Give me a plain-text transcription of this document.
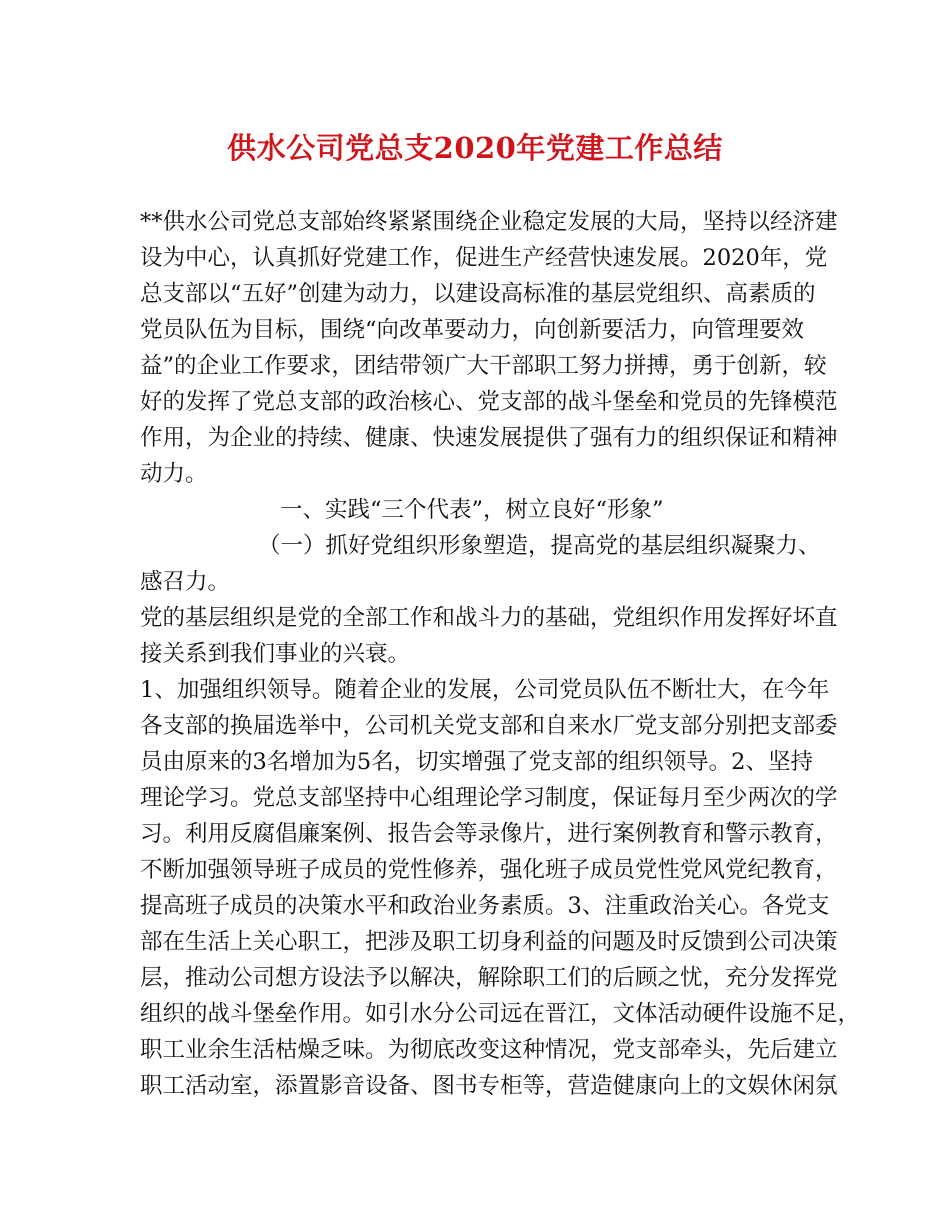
供水公司党总支2020年党建工作总结

**供水公司党总支部始终紧紧围绕企业稳定发展的大局，坚持以经济建

设为中心，认真抓好党建工作，促进生产经营快速发展。2020年，党

总支部以“五好”创建为动力，以建设高标准的基层党组织、高素质的

党员队伍为目标，围绕“向改革要动力，向创新要活力，向管理要效

益”的企业工作要求，团结带领广大干部职工努力拼搏，勇于创新，较

好的发挥了党总支部的政治核心、党支部的战斗堡垒和党员的先锋模范

作用，为企业的持续、健康、快速发展提供了强有力的组织保证和精神

动力。

一、实践“三个代表”，树立良好“形象”

（一）抓好党组织形象塑造，提高党的基层组织凝聚力、

感召力。

党的基层组织是党的全部工作和战斗力的基础，党组织作用发挥好坏直

接关系到我们事业的兴衰。

1、加强组织领导。随着企业的发展，公司党员队伍不断壮大，在今年

各支部的换届选举中，公司机关党支部和自来水厂党支部分别把支部委

员由原来的3名增加为5名，切实增强了党支部的组织领导。2、坚持

理论学习。党总支部坚持中心组理论学习制度，保证每月至少两次的学

习。利用反腐倡廉案例、报告会等录像片，进行案例教育和警示教育，

不断加强领导班子成员的党性修养，强化班子成员党性党风党纪教育，

提高班子成员的决策水平和政治业务素质。3、注重政治关心。各党支

部在生活上关心职工，把涉及职工切身利益的问题及时反馈到公司决策

层，推动公司想方设法予以解决，解除职工们的后顾之忧，充分发挥党

组织的战斗堡垒作用。如引水分公司远在晋江，文体活动硬件设施不足，

职工业余生活枯燥乏味。为彻底改变这种情况，党支部牵头，先后建立

职工活动室，添置影音设备、图书专柜等，营造健康向上的文娱休闲氛
